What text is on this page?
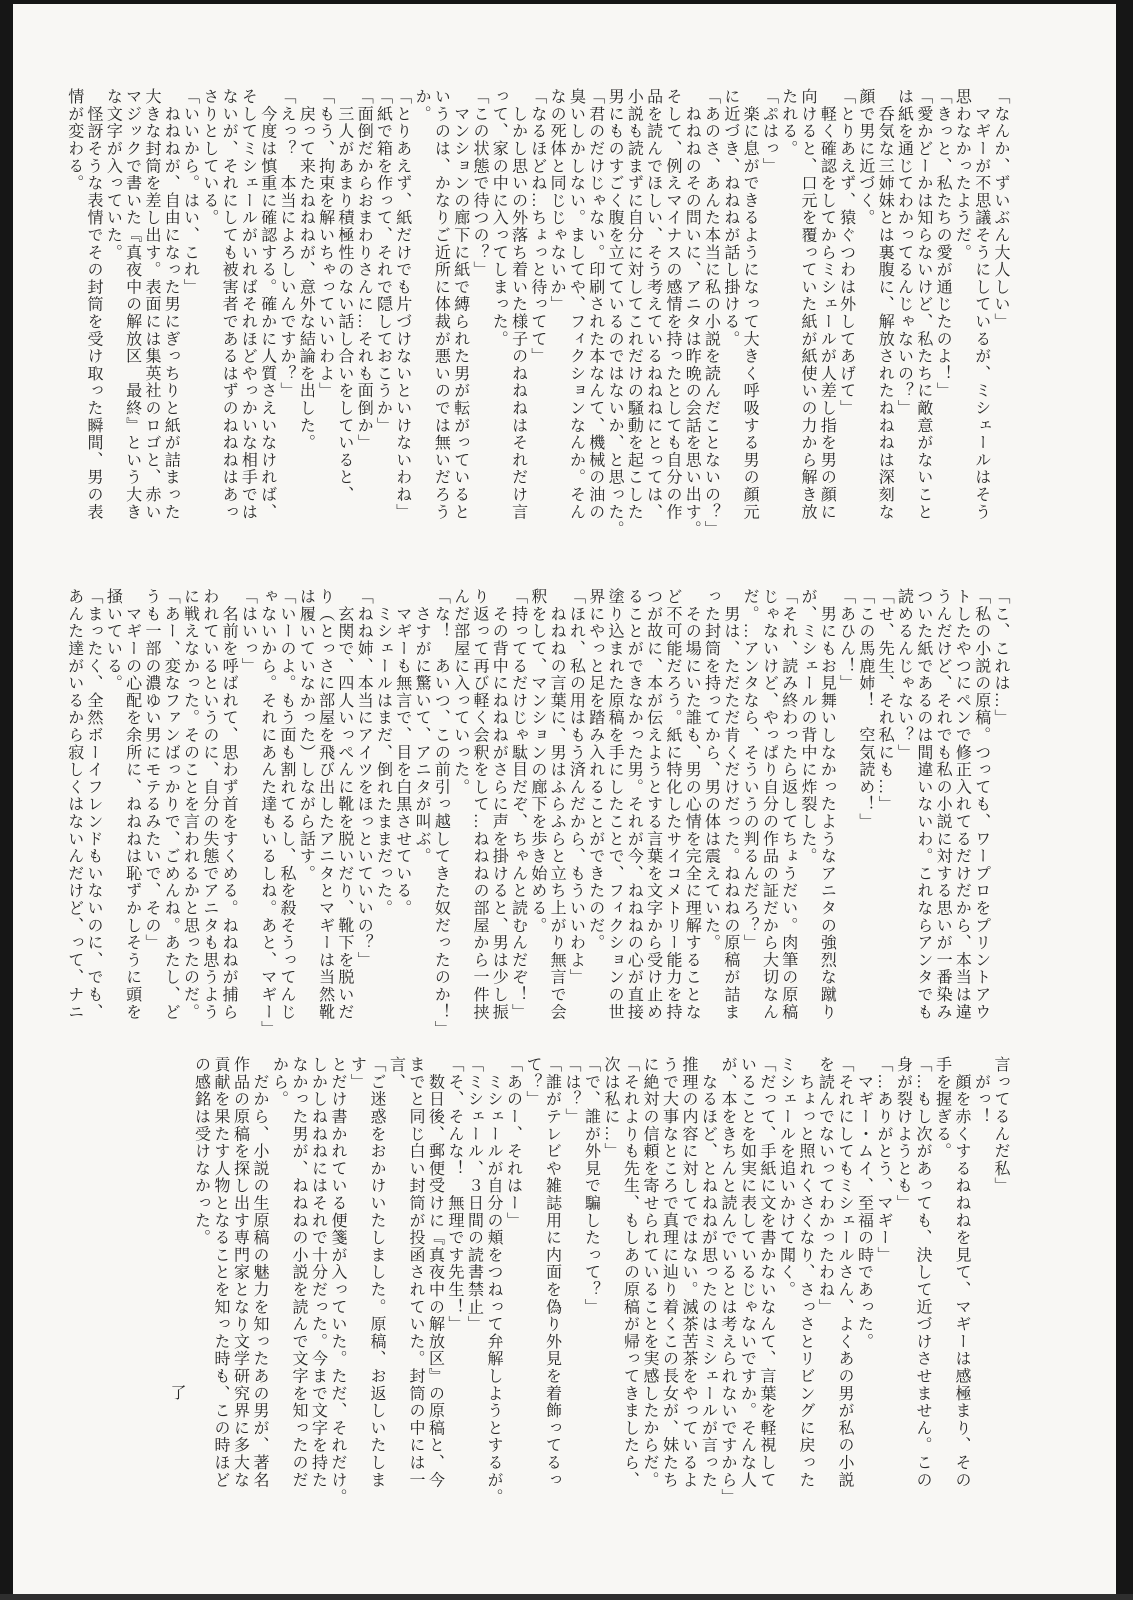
「なんか、ずいぶん大人しい」

　マギーが不思議そうにしているが、ミシェールはそう

思わなかったようだ。

「きっと、私たちの愛が通じたのよ！」

「愛かどーかは知らないけど、私たちに敵意がないこと

は紙を通じてわかってるんじゃないの？」

　呑気な三姉妹とは裏腹に、解放されたねねねは深刻な

顔で男に近づく。

「とりあえず、猿ぐつわは外してあげて」

　軽く確認をしてからミシェールが人差し指を男の顔に

向けると、口元を覆っていた紙が紙使いの力から解き放

たれる。

「ぷはっ」

　楽に息ができるようになって大きく呼吸する男の顔元

に近づき、ねねねが話し掛ける。

「あのさ、あんた本当に私の小説を読んだことないの？」

　ねねねのその問いに、アニタは昨晩の会話を思い出す。

そして、例えマイナスの感情を持ったとしても自分の作

品を読んでほしい、そう考えているねねねにとっては、

小説も読まずに自分に対してこれだけの騒動を起こした

男にものすごく腹を立てているのではないか、と思った。

「君のだけじゃない。印刷された本なんて、機械の油の

臭いしかしない。ましてや、フィクションなんか。そん

なの死体と同じじゃないか」

「なるほどね…ちょっと待ってて」

　しかし思いの外落ち着いた様子のねねねはそれだけ言

って、家の中に入ってしまった。

「この状態で待つの？」

　マンションの廊下に紙で縛られた男が転がっていると

いうのは、かなりご近所に体裁が悪いのでは無いだろう

か。

「とりあえず、紙だけでも片づけないといけないわね」

「紙で箱を作って、それで隠しておこうか」

「面倒だからおまわりさんに…それも面倒か」

　三人があまり積極性のない話し合いをしていると、

「もう、拘束を解いちゃっていいわよ」

　戻って来たねねねが、意外な結論を出した。

「えっ？　本当によろしいんですか？」

　今度は慎重に確認する。確かに人質さえいなければ、

そしてミシェールがいればそれほどやっかいな相手では

ないが、それにしても被害者であるはずのねねねはあっ

さりとしている。

「いいから。はい、これ」

　ねねねが、自由になった男にぎっちりと紙が詰まった

大きな封筒を差し出す。表面には集英社のロゴと、赤い

マジックで書いた『真夜中の解放区　最終』という大き

な文字が入っていた。

　怪訝そうな表情でその封筒を受け取った瞬間、男の表

情が変わる。

「こ、これは…」

「私の小説の原稿。つっても、ワープロをプリントアウ

トしたやつにペンで修正入れてるだけだから、本当は違

うんだけど、それでも私の小説に対する思いが一番染み

ついた紙であるのは間違いないわ。これならアンタでも

読めるんじゃない？」

「せ、先生、それ私にも…」

「この馬鹿姉！　空気読め！」

「あひん！」

　男にもお見舞いしなかったようなアニタの強烈な蹴り

が、ミシェールの背中に炸裂した。

「それ、読み終わったら返してちょうだい。肉筆の原稿

じゃないけど、やっぱり自分の作品の証だから大切なん

だ。…アンタなら、そういうの判るんだろ？」

　男は、ただただ肯くだけだった。ねねねの原稿が詰ま

った封筒を持ってから、男の体は震えていた。

　その場にいた誰も、男の心情を完全に理解することな

ど不可能だろう。紙に特化したサイコメトリー能力を持

つが故に、本が伝えようとする言葉を文字から受け止め

ることができなかった男。それが今、ねねねの心が直接

塗り込まれた原稿を手にしたことで、フィクションの世

界にやっと足を踏み入れることができたのだ。

「ほれ、私の用はもう済んだから、もういいわよ」

　ねねねの言葉に、男はふらふらと立ち上がり無言で会

釈をして、マンションの廊下を歩き始める。

「持ってるだけじゃ駄目だぞ、ちゃんと読むんだぞ！」

　その背中にねねねがさらに声を掛けると、男は少し振

り返って再び軽く会釈をして…ねねねの部屋から一件挟

んだ部屋に入っていった。

「な！　あいつ、この前引っ越してきた奴だったのか！」

　さすがに驚いて、アニタが叫ぶ。

　マギーも無言で、目を白黒させている。

　ミシェールはまだ、倒れたままだった。

「ねね姉、本当にアイツをほっといていいの？」

　玄関で、四人いっぺんに靴を脱いだり、靴下を脱いだ

り（とっさに部屋を飛び出したアニタとマギーは当然靴

は履いていなかった）しながら話す。

「いーのよ。もう面も割れてるし、私を殺そうってんじ

ゃないから。それにあんた達もいるしね。あと、マギー」

「はいっ」

　名前を呼ばれて、思わず首をすくめる。ねねねが捕ら

われているというのに、自分の失態でアニタも思うよう

に戦えなかった。そのことを言われるかと思ったのだ。

「あー、変なファンばっかりで、ごめんね。あたし、ど

うも一部の濃ゆい男にモテるみたいで、その」

　マギーの心配を余所に、ねねねは恥ずかしそうに頭を

掻いている。

「まったく、全然ボーイフレンドもいないのに、でも、

あんた達がいるから寂しくはないんだけど、って、ナニ

言ってるんだ私」

　がっ！

　顔を赤くするねねねを見て、マギーは感極まり、その

手を握ぎる。

「…もし次があっても、決して近づけさせません。この

身が裂けようとも」

「…ありがとう、マギー」

　マギー・ムイ、至福の時であった。

「それにしてもミシェールさん、よくあの男が私の小説

を読んでないってわかったわね」

　ちょっと照れくさくなり、さっさとリビングに戻った

ミシェールを追いかけて聞く。

「だって、手紙に文を書かないなんて、言葉を軽視して

いることを如実に表しているじゃないですか。そんな人

が、本をきちんと読んでいるとは考えられないですから」

　なるほど、とねねねが思ったのはミシェールが言った

推理の内容に対してではない。滅茶苦茶をやっているよ

うで大事なところで真理に辿り着くこの長女が、妹たち

に絶対の信頼を寄せられていることを実感したからだ。

「それよりも先生、もしあの原稿が帰ってきましたら、

次は私に…」

「で、誰が外見で騙したって？」

「は？」

「誰がテレビや雑誌用に内面を偽り外見を着飾ってるっ

て？」

「あのー、それはー」

　ミシェールが自分の頬をつねって弁解しようとするが。

「ミシェール、３日間の読書禁止」

「そ、そんな！　無理です先生！」

　数日後、郵便受けに『真夜中の解放区』の原稿と、今

までと同じ白い封筒が投函されていた。封筒の中には一

言、

「ご迷惑をおかけいたしました。原稿、お返しいたしま

す」

とだけ書かれている便箋が入っていた。ただ、それだけ。

しかしねねねにはそれで十分だった。今まで文字を持た

なかった男が、ねねねの小説を読んで文字を知ったのだ

から。

　だから、小説の生原稿の魅力を知ったあの男が、著名

作品の原稿を探し出す専門家となり文学研究界に多大な

貢献を果たす人物となることを知った時も、この時ほど

の感銘は受けなかった。

了
